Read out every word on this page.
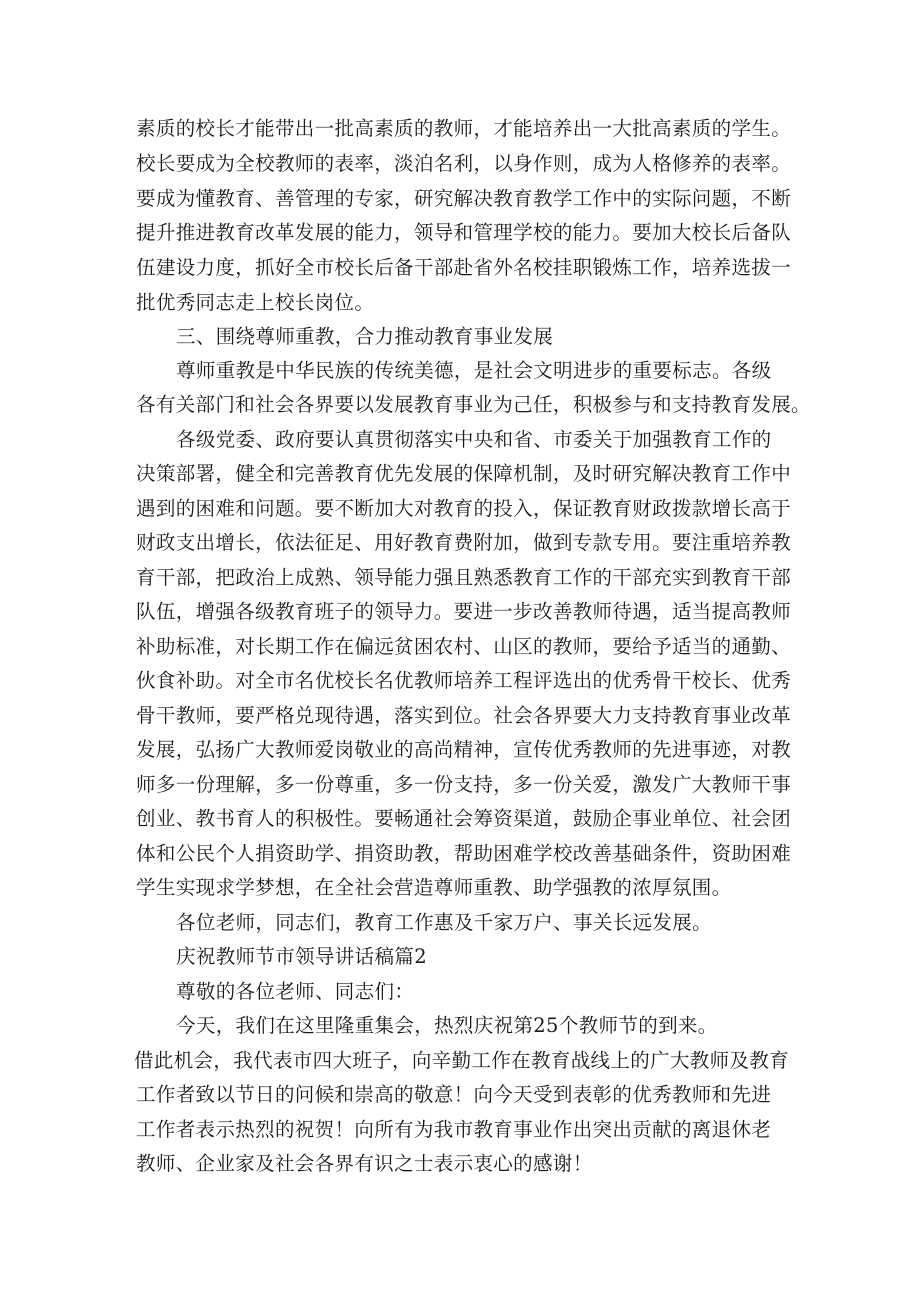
素质的校长才能带出一批高素质的教师，才能培养出一大批高素质的学生。
校长要成为全校教师的表率，淡泊名利，以身作则，成为人格修养的表率。
要成为懂教育、善管理的专家，研究解决教育教学工作中的实际问题，不断
提升推进教育改革发展的能力，领导和管理学校的能力。要加大校长后备队
伍建设力度，抓好全市校长后备干部赴省外名校挂职锻炼工作，培养选拔一
批优秀同志走上校长岗位。
三、围绕尊师重教，合力推动教育事业发展
尊师重教是中华民族的传统美德，是社会文明进步的重要标志。各级
各有关部门和社会各界要以发展教育事业为己任，积极参与和支持教育发展。
各级党委、政府要认真贯彻落实中央和省、市委关于加强教育工作的
决策部署，健全和完善教育优先发展的保障机制，及时研究解决教育工作中
遇到的困难和问题。要不断加大对教育的投入，保证教育财政拨款增长高于
财政支出增长，依法征足、用好教育费附加，做到专款专用。要注重培养教
育干部，把政治上成熟、领导能力强且熟悉教育工作的干部充实到教育干部
队伍，增强各级教育班子的领导力。要进一步改善教师待遇，适当提高教师
补助标准，对长期工作在偏远贫困农村、山区的教师，要给予适当的通勤、
伙食补助。对全市名优校长名优教师培养工程评选出的优秀骨干校长、优秀
骨干教师，要严格兑现待遇，落实到位。社会各界要大力支持教育事业改革
发展，弘扬广大教师爱岗敬业的高尚精神，宣传优秀教师的先进事迹，对教
师多一份理解，多一份尊重，多一份支持，多一份关爱，激发广大教师干事
创业、教书育人的积极性。要畅通社会筹资渠道，鼓励企事业单位、社会团
体和公民个人捐资助学、捐资助教，帮助困难学校改善基础条件，资助困难
学生实现求学梦想，在全社会营造尊师重教、助学强教的浓厚氛围。
各位老师，同志们，教育工作惠及千家万户、事关长远发展。
庆祝教师节市领导讲话稿篇2
尊敬的各位老师、同志们：
今天，我们在这里隆重集会，热烈庆祝第25个教师节的到来。
借此机会，我代表市四大班子，向辛勤工作在教育战线上的广大教师及教育
工作者致以节日的问候和崇高的敬意！向今天受到表彰的优秀教师和先进
工作者表示热烈的祝贺！向所有为我市教育事业作出突出贡献的离退休老
教师、企业家及社会各界有识之士表示衷心的感谢！
